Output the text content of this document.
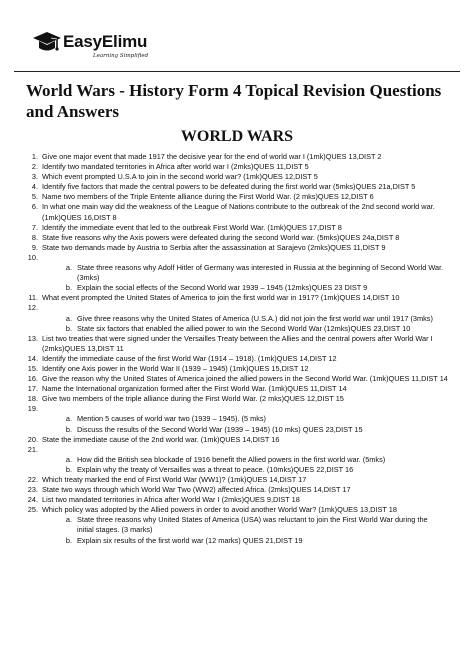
EasyElimu
Learning Simplified
World Wars - History Form 4 Topical Revision Questions and Answers
WORLD WARS
1. Give one major event that made 1917 the decisive year for the end of world war I (1mk)QUES 13,DIST 2
2. Identify two mandated territories in Africa after world war I (2mks)QUES 11,DIST 5
3. Which event prompted U.S.A to join in the second world war? (1mk)QUES 12,DIST 5
4. Identify five factors that made the central powers to be defeated during the first world war (5mks)QUES 21a,DIST 5
5. Name two members of the Triple Entente alliance during the First World War. (2 mks)QUES 12,DIST 6
6. In what one main way did the weakness of the League of Nations contribute to the outbreak of the 2nd second world war. (1mk)QUES 16,DIST 8
7. Identify the immediate event that led to the outbreak First World War. (1mk)QUES 17,DIST 8
8. State five reasons why the Axis powers were defeated during the second World war. (5mks)QUES 24a,DIST 8
9. State two demands made by Austria to Serbia after the assassination at Sarajevo (2mks)QUES 11,DIST 9
10.
a. State three reasons why Adolf Hitler of Germany was interested in Russia at the beginning of Second World War. (3mks)
b. Explain the social effects of the Second World war 1939 – 1945 (12mks)QUES 23 DIST 9
11. What event prompted the United States of America to join the first world war in 1917? (1mk)QUES 14,DIST 10
12.
a. Give three reasons why the United States of America (U.S.A.) did not join the first world war until 1917 (3mks)
b. State six factors that enabled the allied power to win the Second World War (12mks)QUES 23,DIST 10
13. List two treaties that were signed under the Versailles Treaty between the Allies and the central powers after World War I (2mks)QUES 13,DIST 11
14. Identify the immediate cause of the first World War (1914 – 1918). (1mk)QUES 14,DIST 12
15. Identify one Axis power in the World War II (1939 – 1945) (1mk)QUES 15,DIST 12
16. Give the reason why the United States of America joined the allied powers in the Second World War. (1mk)QUES 11,DIST 14
17. Name the International organization formed after the First World War. (1mk)QUES 11,DIST 14
18. Give two members of the triple alliance during the First World War. (2 mks)QUES 12,DIST 15
19.
a. Mention 5 causes of world war two (1939 – 1945). (5 mks)
b. Discuss the results of the Second World War (1939 – 1945) (10 mks) QUES 23,DIST 15
20. State the immediate cause of the 2nd world war. (1mk)QUES 14,DIST 16
21.
a. How did the British sea blockade of 1916 benefit the Allied powers in the first world war. (5mks)
b. Explain why the treaty of Versailles was a threat to peace. (10mks)QUES 22,DIST 16
22. Which treaty marked the end of First World War (WW1)? (1mk)QUES 14,DIST 17
23. State two ways through which World War Two (WW2) affected Africa. (2mks)QUES 14,DIST 17
24. List two mandated territories in Africa after World War I (2mks)QUES 9,DIST 18
25. Which policy was adopted by the Allied powers in order to avoid another World War? (1mk)QUES 13,DIST 18
a. State three reasons why United States of America (USA) was reluctant to join the First World War during the initial stages. (3 marks)
b. Explain six results of the first world war (12 marks) QUES 21,DIST 19
